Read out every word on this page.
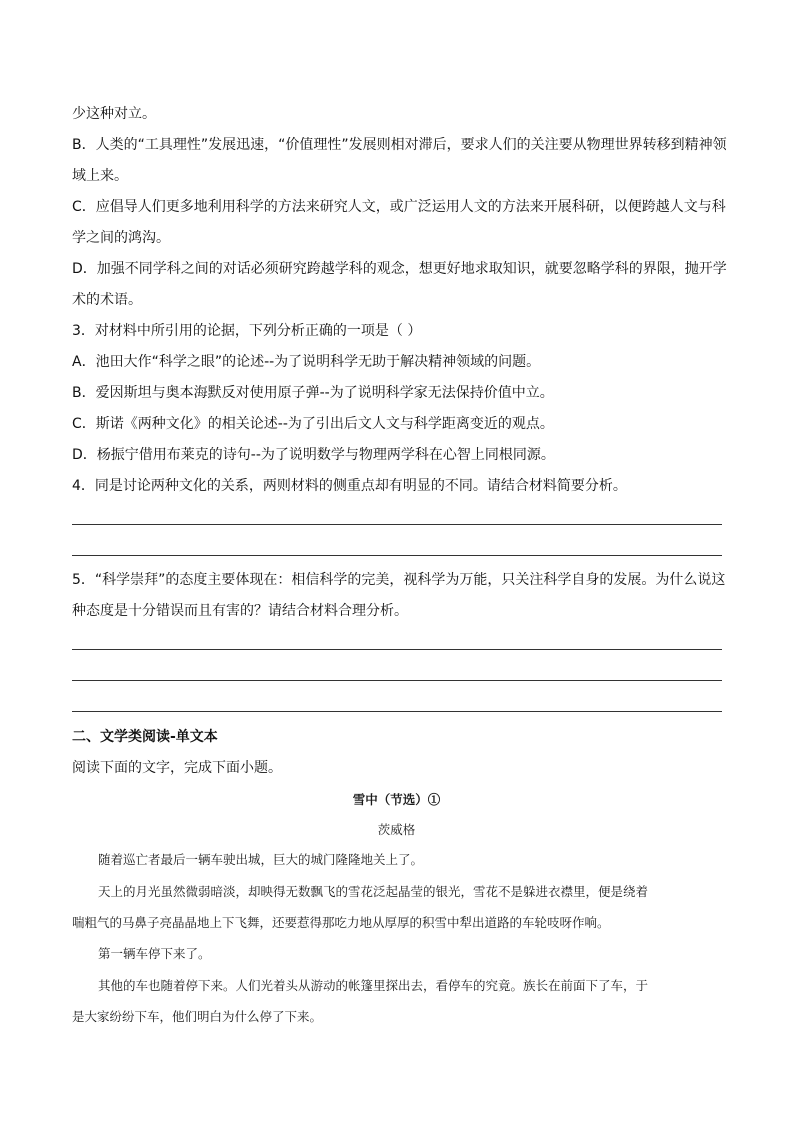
少这种对立。
B．人类的“工具理性”发展迅速，“价值理性”发展则相对滞后，要求人们的关注要从物理世界转移到精神领
域上来。
C．应倡导人们更多地利用科学的方法来研究人文，或广泛运用人文的方法来开展科研，以便跨越人文与科
学之间的鸿沟。
D．加强不同学科之间的对话必须研究跨越学科的观念，想更好地求取知识，就要忽略学科的界限，抛开学
术的术语。
3．对材料中所引用的论据，下列分析正确的一项是（ ）
A．池田大作“科学之眼”的论述--为了说明科学无助于解决精神领域的问题。
B．爱因斯坦与奥本海默反对使用原子弹--为了说明科学家无法保持价值中立。
C．斯诺《两种文化》的相关论述--为了引出后文人文与科学距离变近的观点。
D．杨振宁借用布莱克的诗句--为了说明数学与物理两学科在心智上同根同源。
4．同是讨论两种文化的关系，两则材料的侧重点却有明显的不同。请结合材料简要分析。
5．“科学崇拜”的态度主要体现在：相信科学的完美，视科学为万能，只关注科学自身的发展。为什么说这
种态度是十分错误而且有害的？请结合材料合理分析。
二、文学类阅读-单文本
阅读下面的文字，完成下面小题。
雪中（节选）①
茨威格
随着巡亡者最后一辆车驶出城，巨大的城门隆隆地关上了。
天上的月光虽然微弱暗淡，却映得无数飘飞的雪花泛起晶莹的银光，雪花不是躲进衣襟里，便是绕着
喘粗气的马鼻子亮晶晶地上下飞舞，还要惹得那吃力地从厚厚的积雪中犁出道路的车轮吱呀作响。
第一辆车停下来了。
其他的车也随着停下来。人们光着头从游动的帐篷里探出去，看停车的究竟。族长在前面下了车，于
是大家纷纷下车，他们明白为什么停了下来。
